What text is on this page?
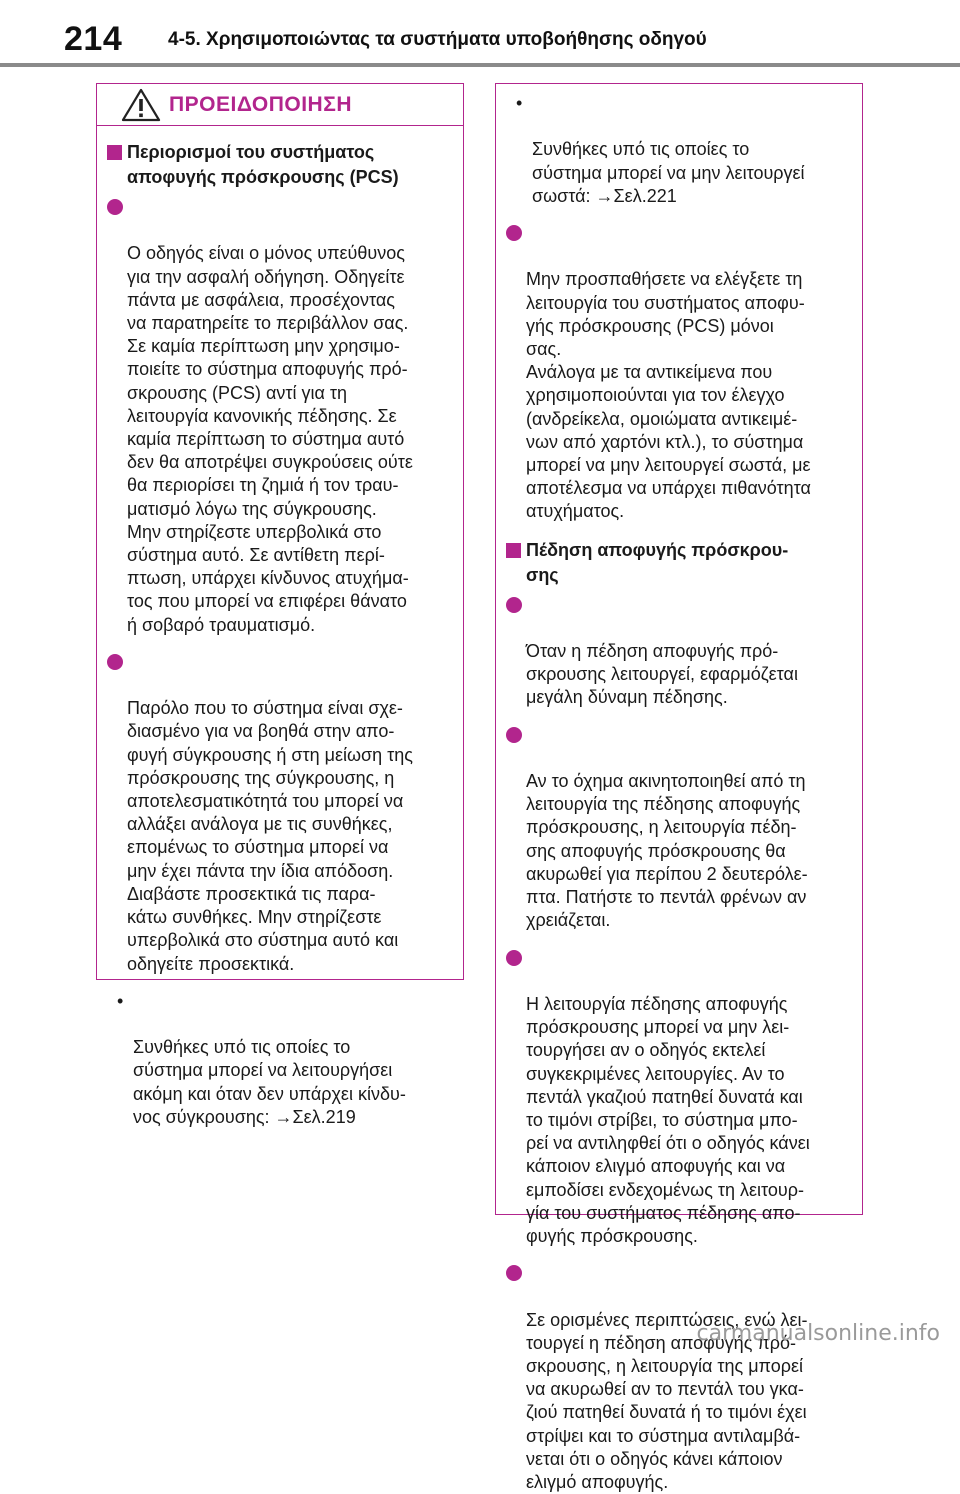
214 4-5. Χρησιμοποιώντας τα συστήματα υποβοήθησης οδηγού
ΠΡΟΕΙΔΟΠΟΙΗΣΗ
Περιορισμοί του συστήματος
αποφυγής πρόσκρουσης (PCS)

Ο οδηγός είναι ο μόνος υπεύθυνος
για την ασφαλή οδήγηση. Οδηγείτε
πάντα με ασφάλεια, προσέχοντας
να παρατηρείτε το περιβάλλον σας.
Σε καμία περίπτωση μην χρησιμο-
ποιείτε το σύστημα αποφυγής πρό-
σκρουσης (PCS) αντί για τη
λειτουργία κανονικής πέδησης. Σε
καμία περίπτωση το σύστημα αυτό
δεν θα αποτρέψει συγκρούσεις ούτε
θα περιορίσει τη ζημιά ή τον τραυ-
ματισμό λόγω της σύγκρουσης.
Μην στηρίζεστε υπερβολικά στο
σύστημα αυτό. Σε αντίθετη περί-
πτωση, υπάρχει κίνδυνος ατυχήμα-
τος που μπορεί να επιφέρει θάνατο
ή σοβαρό τραυματισμό.

Παρόλο που το σύστημα είναι σχε-
διασμένο για να βοηθά στην απο-
φυγή σύγκρουσης ή στη μείωση της
πρόσκρουσης της σύγκρουσης, η
αποτελεσματικότητά του μπορεί να
αλλάξει ανάλογα με τις συνθήκες,
επομένως το σύστημα μπορεί να
μην έχει πάντα την ίδια απόδοση.
Διαβάστε προσεκτικά τις παρα-
κάτω συνθήκες. Μην στηρίζεστε
υπερβολικά στο σύστημα αυτό και
οδηγείτε προσεκτικά.

•

Συνθήκες υπό τις οποίες το
σύστημα μπορεί να λειτουργήσει
ακόμη και όταν δεν υπάρχει κίνδυ-
νος σύγκρουσης: →Σελ.219

•

Συνθήκες υπό τις οποίες το
σύστημα μπορεί να μην λειτουργεί
σωστά: →Σελ.221

Μην προσπαθήσετε να ελέγξετε τη
λειτουργία του συστήματος αποφυ-
γής πρόσκρουσης (PCS) μόνοι
σας.
Ανάλογα με τα αντικείμενα που
χρησιμοποιούνται για τον έλεγχο
(ανδρείκελα, ομοιώματα αντικειμέ-
νων από χαρτόνι κτλ.), το σύστημα
μπορεί να μην λειτουργεί σωστά, με
αποτέλεσμα να υπάρχει πιθανότητα
ατυχήματος.

Πέδηση αποφυγής πρόσκρου-
σης

Όταν η πέδηση αποφυγής πρό-
σκρουσης λειτουργεί, εφαρμόζεται
μεγάλη δύναμη πέδησης.

Αν το όχημα ακινητοποιηθεί από τη
λειτουργία της πέδησης αποφυγής
πρόσκρουσης, η λειτουργία πέδη-
σης αποφυγής πρόσκρουσης θα
ακυρωθεί για περίπου 2 δευτερόλε-
πτα. Πατήστε το πεντάλ φρένων αν
χρειάζεται.

Η λειτουργία πέδησης αποφυγής
πρόσκρουσης μπορεί να μην λει-
τουργήσει αν ο οδηγός εκτελεί
συγκεκριμένες λειτουργίες. Αν το
πεντάλ γκαζιού πατηθεί δυνατά και
το τιμόνι στρίβει, το σύστημα μπο-
ρεί να αντιληφθεί ότι ο οδηγός κάνει
κάποιον ελιγμό αποφυγής και να
εμποδίσει ενδεχομένως τη λειτουρ-
γία του συστήματος πέδησης απο-
φυγής πρόσκρουσης.

Σε ορισμένες περιπτώσεις, ενώ λει-
τουργεί η πέδηση αποφυγής πρό-
σκρουσης, η λειτουργία της μπορεί
να ακυρωθεί αν το πεντάλ του γκα-
ζιού πατηθεί δυνατά ή το τιμόνι έχει
στρίψει και το σύστημα αντιλαμβά-
νεται ότι ο οδηγός κάνει κάποιον
ελιγμό αποφυγής.

carmanualsonline.info
